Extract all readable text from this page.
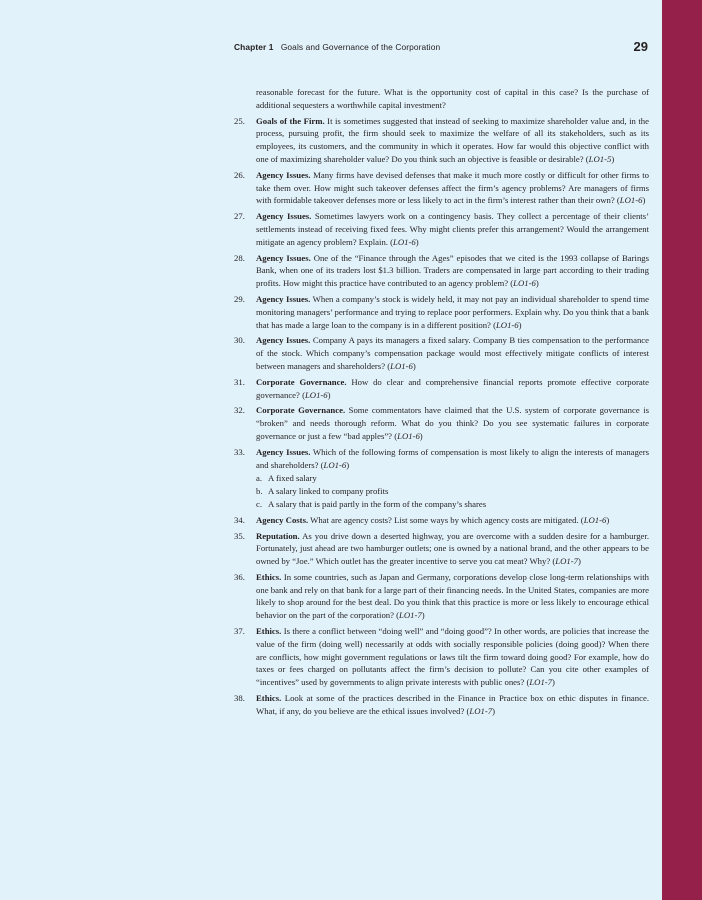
Chapter 1 Goals and Governance of the Corporation	29
reasonable forecast for the future. What is the opportunity cost of capital in this case? Is the purchase of additional sequesters a worthwhile capital investment?
25.	Goals of the Firm. It is sometimes suggested that instead of seeking to maximize shareholder value and, in the process, pursuing profit, the firm should seek to maximize the welfare of all its stakeholders, such as its employees, its customers, and the community in which it operates. How far would this objective conflict with one of maximizing shareholder value? Do you think such an objective is feasible or desirable? (LO1-5)
26.	Agency Issues. Many firms have devised defenses that make it much more costly or difficult for other firms to take them over. How might such takeover defenses affect the firm’s agency problems? Are managers of firms with formidable takeover defenses more or less likely to act in the firm’s interest rather than their own? (LO1-6)
27.	Agency Issues. Sometimes lawyers work on a contingency basis. They collect a percentage of their clients’ settlements instead of receiving fixed fees. Why might clients prefer this arrangement? Would the arrangement mitigate an agency problem? Explain. (LO1-6)
28.	Agency Issues. One of the “Finance through the Ages” episodes that we cited is the 1993 collapse of Barings Bank, when one of its traders lost $1.3 billion. Traders are compensated in large part according to their trading profits. How might this practice have contributed to an agency problem? (LO1-6)
29.	Agency Issues. When a company’s stock is widely held, it may not pay an individual shareholder to spend time monitoring managers’ performance and trying to replace poor performers. Explain why. Do you think that a bank that has made a large loan to the company is in a different position? (LO1-6)
30.	Agency Issues. Company A pays its managers a fixed salary. Company B ties compensation to the performance of the stock. Which company’s compensation package would most effectively mitigate conflicts of interest between managers and shareholders? (LO1-6)
31.	Corporate Governance. How do clear and comprehensive financial reports promote effective corporate governance? (LO1-6)
32.	Corporate Governance. Some commentators have claimed that the U.S. system of corporate governance is “broken” and needs thorough reform. What do you think? Do you see systematic failures in corporate governance or just a few “bad apples”? (LO1-6)
33.	Agency Issues. Which of the following forms of compensation is most likely to align the interests of managers and shareholders? (LO1-6)
a. A fixed salary
b. A salary linked to company profits
c. A salary that is paid partly in the form of the company’s shares
34.	Agency Costs. What are agency costs? List some ways by which agency costs are mitigated. (LO1-6)
35.	Reputation. As you drive down a deserted highway, you are overcome with a sudden desire for a hamburger. Fortunately, just ahead are two hamburger outlets; one is owned by a national brand, and the other appears to be owned by “Joe.” Which outlet has the greater incentive to serve you cat meat? Why? (LO1-7)
36.	Ethics. In some countries, such as Japan and Germany, corporations develop close long-term relationships with one bank and rely on that bank for a large part of their financing needs. In the United States, companies are more likely to shop around for the best deal. Do you think that this practice is more or less likely to encourage ethical behavior on the part of the corporation? (LO1-7)
37.	Ethics. Is there a conflict between “doing well” and “doing good”? In other words, are policies that increase the value of the firm (doing well) necessarily at odds with socially responsible policies (doing good)? When there are conflicts, how might government regulations or laws tilt the firm toward doing good? For example, how do taxes or fees charged on pollutants affect the firm’s decision to pollute? Can you cite other examples of “incentives” used by governments to align private interests with public ones? (LO1-7)
38.	Ethics. Look at some of the practices described in the Finance in Practice box on ethic disputes in finance. What, if any, do you believe are the ethical issues involved? (LO1-7)
